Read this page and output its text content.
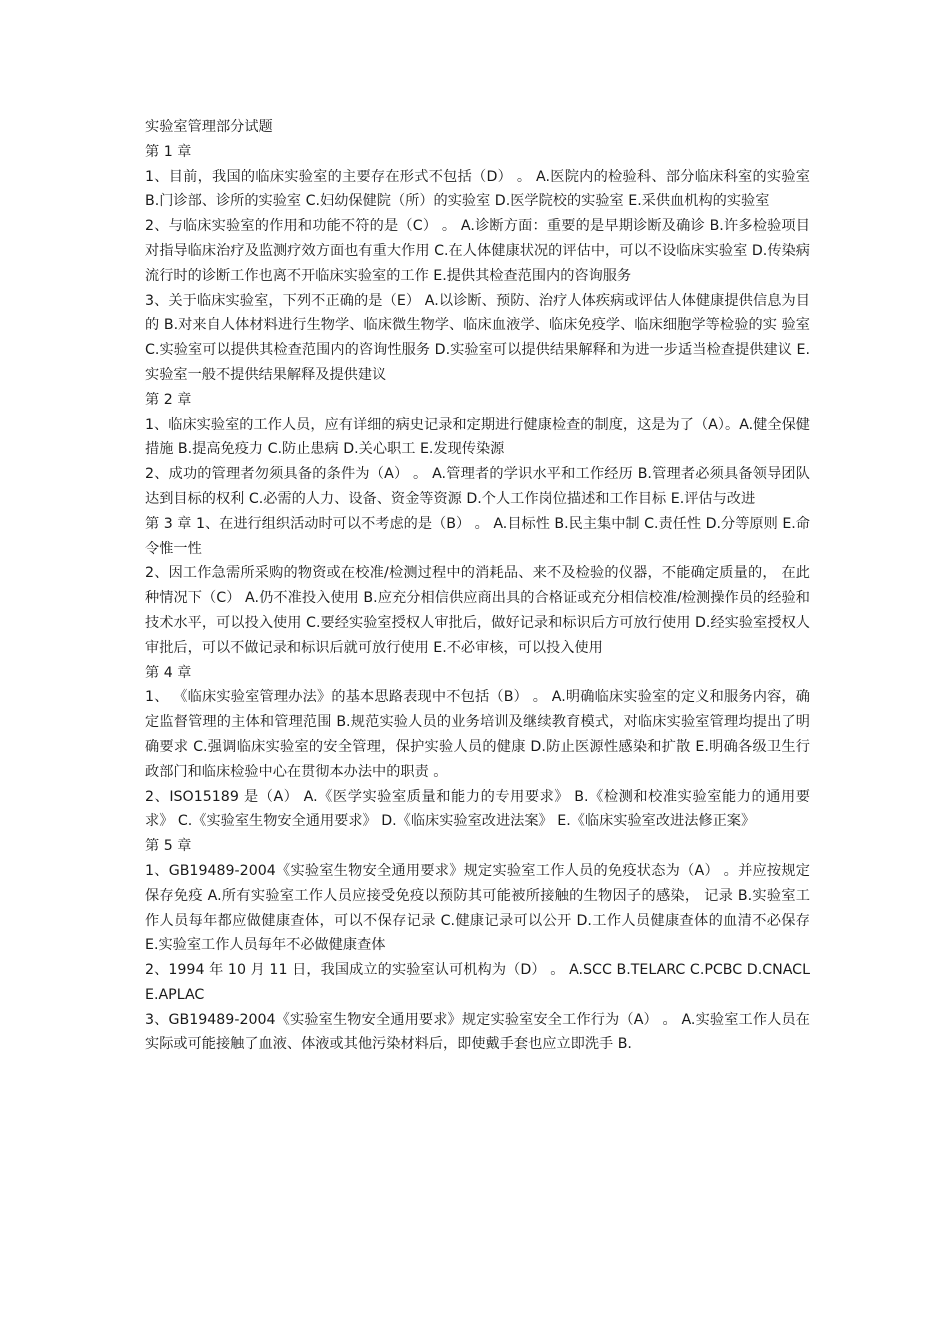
实验室管理部分试题

第 1 章

1、目前，我国的临床实验室的主要存在形式不包括（D） 。 A.医院内的检验科、部分临床科室的实验室 B.门诊部、诊所的实验室 C.妇幼保健院（所）的实验室 D.医学院校的实验室 E.采供血机构的实验室

2、与临床实验室的作用和功能不符的是（C） 。 A.诊断方面：重要的是早期诊断及确诊 B.许多检验项目对指导临床治疗及监测疗效方面也有重大作用 C.在人体健康状况的评估中，可以不设临床实验室 D.传染病流行时的诊断工作也离不开临床实验室的工作 E.提供其检查范围内的咨询服务

3、关于临床实验室，下列不正确的是（E） A.以诊断、预防、治疗人体疾病或评估人体健康提供信息为目的 B.对来自人体材料进行生物学、临床微生物学、临床血液学、临床免疫学、临床细胞学等检验的实 验室 C.实验室可以提供其检查范围内的咨询性服务 D.实验室可以提供结果解释和为进一步适当检查提供建议 E.实验室一般不提供结果解释及提供建议

第 2 章

1、临床实验室的工作人员，应有详细的病史记录和定期进行健康检查的制度，这是为了（A）。A.健全保健措施 B.提高免疫力 C.防止患病 D.关心职工 E.发现传染源

2、成功的管理者勿须具备的条件为（A） 。 A.管理者的学识水平和工作经历 B.管理者必须具备领导团队达到目标的权利 C.必需的人力、设备、资金等资源 D.个人工作岗位描述和工作目标 E.评估与改进

第 3 章 1、在进行组织活动时可以不考虑的是（B） 。 A.目标性 B.民主集中制 C.责任性 D.分等原则 E.命令惟一性

2、因工作急需所采购的物资或在校准/检测过程中的消耗品、来不及检验的仪器，不能确定质量的， 在此种情况下（C） A.仍不准投入使用 B.应充分相信供应商出具的合格证或充分相信校准/检测操作员的经验和技术水平，可以投入使用 C.要经实验室授权人审批后，做好记录和标识后方可放行使用 D.经实验室授权人审批后，可以不做记录和标识后就可放行使用 E.不必审核，可以投入使用

第 4 章

1、 《临床实验室管理办法》的基本思路表现中不包括（B） 。 A.明确临床实验室的定义和服务内容，确定监督管理的主体和管理范围 B.规范实验人员的业务培训及继续教育模式，对临床实验室管理均提出了明确要求 C.强调临床实验室的安全管理，保护实验人员的健康 D.防止医源性感染和扩散 E.明确各级卫生行政部门和临床检验中心在贯彻本办法中的职责 。

2、ISO15189 是（A） A.《医学实验室质量和能力的专用要求》 B.《检测和校准实验室能力的通用要求》 C.《实验室生物安全通用要求》 D.《临床实验室改进法案》 E.《临床实验室改进法修正案》

第 5 章

1、GB19489-2004《实验室生物安全通用要求》规定实验室工作人员的免疫状态为（A） 。并应按规定保存免疫 A.所有实验室工作人员应接受免疫以预防其可能被所接触的生物因子的感染， 记录 B.实验室工作人员每年都应做健康查体，可以不保存记录 C.健康记录可以公开 D.工作人员健康查体的血清不必保存 E.实验室工作人员每年不必做健康查体

2、1994 年 10 月 11 日，我国成立的实验室认可机构为（D） 。 A.SCC B.TELARC C.PCBC D.CNACL E.APLAC

3、GB19489-2004《实验室生物安全通用要求》规定实验室安全工作行为（A） 。 A.实验室工作人员在实际或可能接触了血液、体液或其他污染材料后，即使戴手套也应立即洗手 B.
